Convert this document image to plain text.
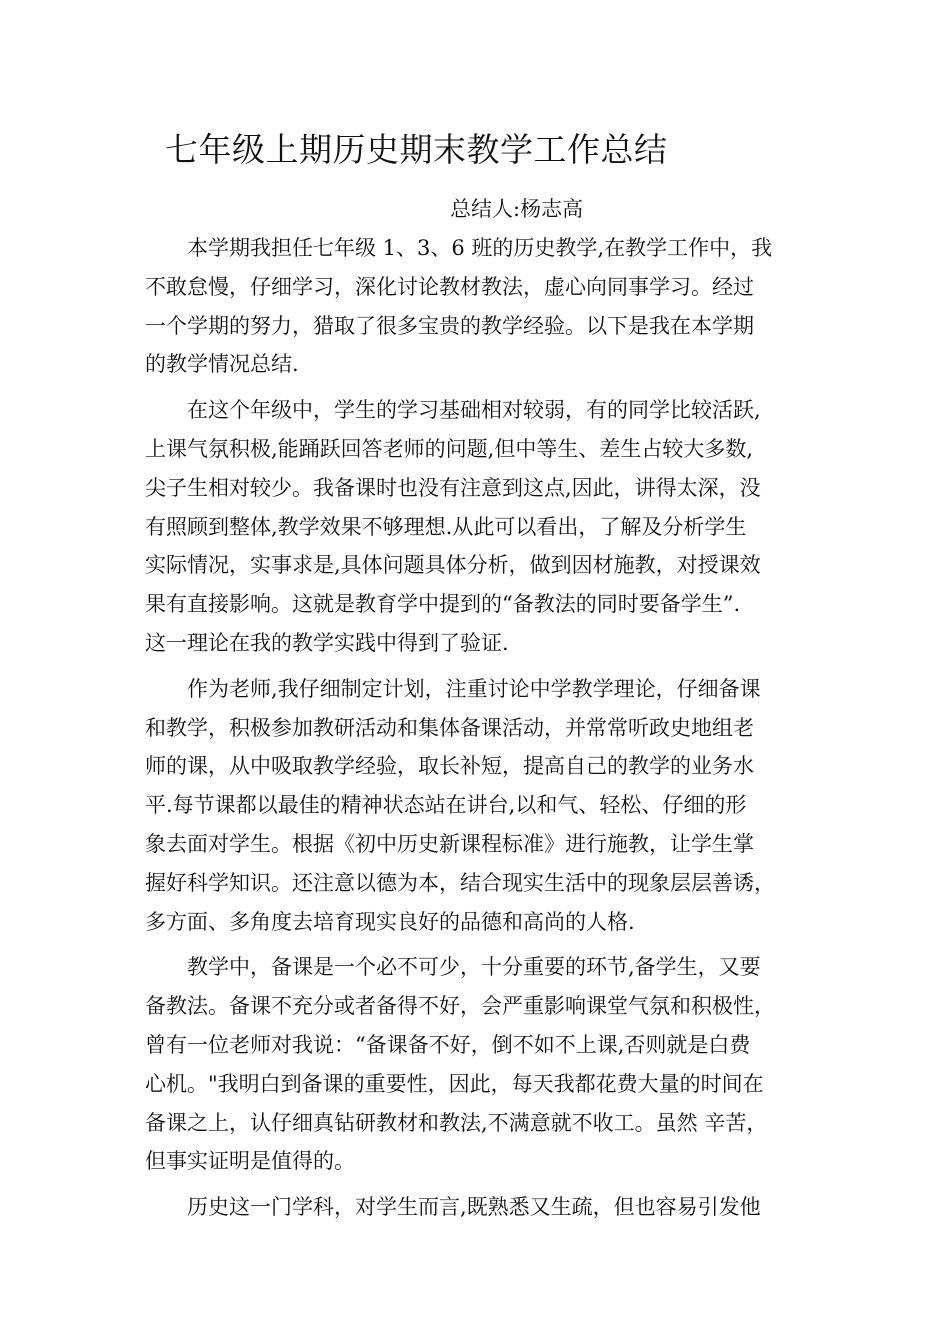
七年级上期历史期末教学工作总结
总结人:杨志高
本学期我担任七年级 1、3、6 班的历史教学,在教学工作中，我
不敢怠慢，仔细学习，深化讨论教材教法，虚心向同事学习。经过
一个学期的努力，猎取了很多宝贵的教学经验。以下是我在本学期
的教学情况总结.
在这个年级中，学生的学习基础相对较弱，有的同学比较活跃,
上课气氛积极,能踊跃回答老师的问题,但中等生、差生占较大多数,
尖子生相对较少。我备课时也没有注意到这点,因此，讲得太深，没
有照顾到整体,教学效果不够理想.从此可以看出，了解及分析学生
实际情况，实事求是,具体问题具体分析，做到因材施教，对授课效
果有直接影响。这就是教育学中提到的“备教法的同时要备学生”.
这一理论在我的教学实践中得到了验证.
作为老师,我仔细制定计划，注重讨论中学教学理论，仔细备课
和教学，积极参加教研活动和集体备课活动，并常常听政史地组老
师的课，从中吸取教学经验，取长补短，提高自己的教学的业务水
平.每节课都以最佳的精神状态站在讲台,以和气、轻松、仔细的形
象去面对学生。根据《初中历史新课程标准》进行施教，让学生掌
握好科学知识。还注意以德为本，结合现实生活中的现象层层善诱，
多方面、多角度去培育现实良好的品德和高尚的人格.
教学中，备课是一个必不可少，十分重要的环节,备学生，又要
备教法。备课不充分或者备得不好，会严重影响课堂气氛和积极性，
曾有一位老师对我说：“备课备不好，倒不如不上课,否则就是白费
心机。"我明白到备课的重要性，因此，每天我都花费大量的时间在
备课之上，认仔细真钻研教材和教法,不满意就不收工。虽然 辛苦，
但事实证明是值得的。
历史这一门学科，对学生而言,既熟悉又生疏，但也容易引发他
